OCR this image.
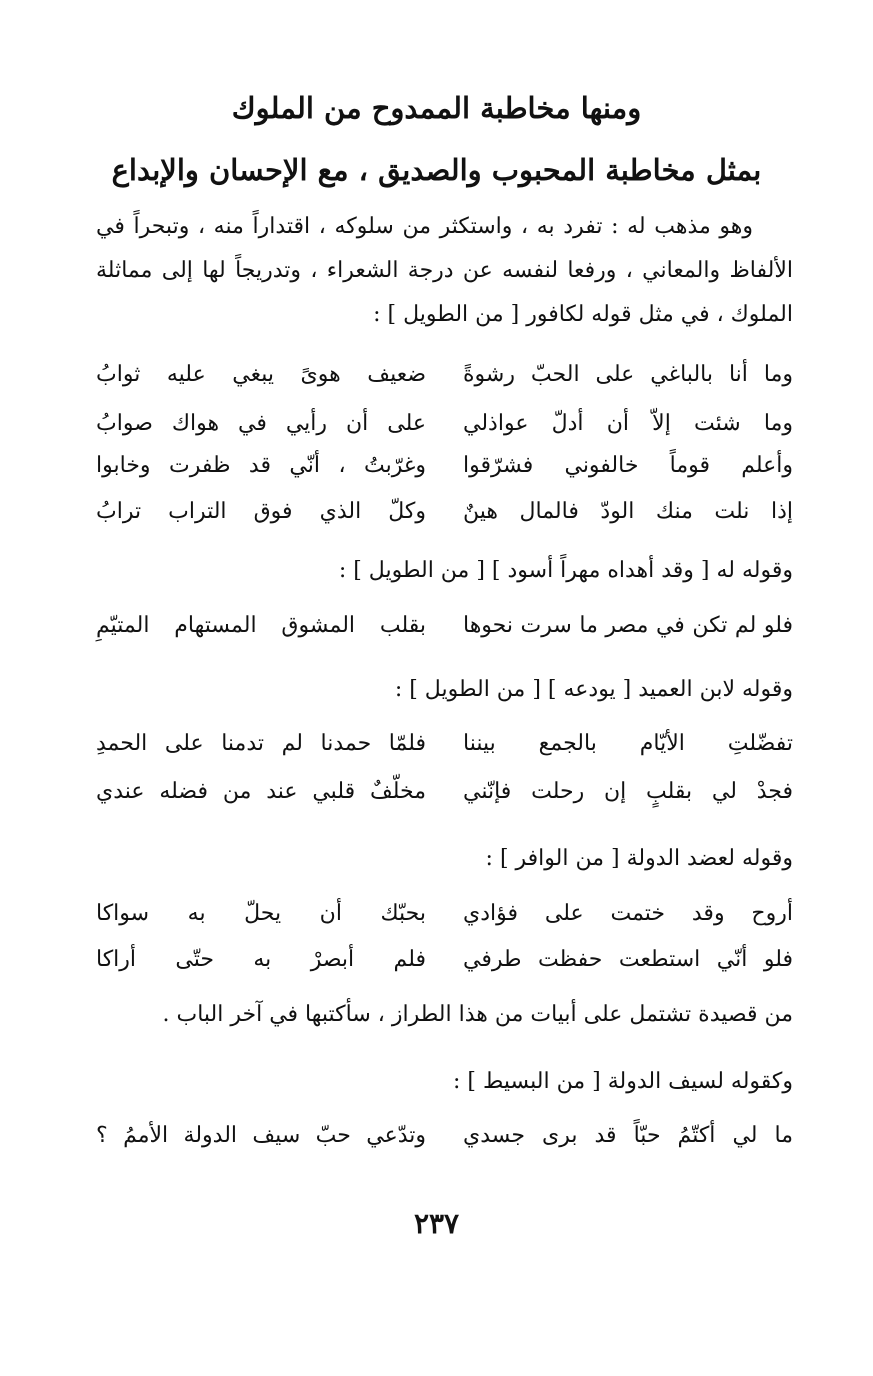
ومنها مخاطبة الممدوح من الملوك
بمثل مخاطبة المحبوب والصديق ، مع الإحسان والإبداع
وهو مذهب له : تفرد به ، واستكثر من سلوكه ، اقتداراً منه ، وتبحراً في الألفاظ والمعاني ، ورفعا لنفسه عن درجة الشعراء ، وتدريجاً لها إلى مماثلة الملوك ، في مثل قوله لكافور [ من الطويل ] :
وما أنا بالباغي على الحبّ رشوةً
ضعيف هوىً يبغي عليه ثوابُ
وما شئت إلاّ أن أدلّ عواذلي
على أن رأيي في هواك صوابُ
وأعلم قوماً خالفوني فشرّقوا
وغرّبتُ ، أنّي قد ظفرت وخابوا
إذا نلت منك الودّ فالمال هينٌ
وكلّ الذي فوق التراب ترابُ
وقوله له [ وقد أهداه مهراً أسود ] [ من الطويل ] :
فلو لم تكن في مصر ما سرت نحوها
بقلب المشوق المستهام المتيّمِ
وقوله لابن العميد [ يودعه ] [ من الطويل ] :
تفضّلتِ الأيّام بالجمع بيننا
فلمّا حمدنا لم تدمنا على الحمدِ
فجدْ لي بقلبٍ إن رحلت فإنّني
مخلّفٌ قلبي عند من فضله عندي
وقوله لعضد الدولة [ من الوافر ] :
أروح وقد ختمت على فؤادي
بحبّك أن يحلّ به سواكا
فلو أنّي استطعت حفظت طرفي
فلم أبصرْ به حتّى أراكا
من قصيدة تشتمل على أبيات من هذا الطراز ، سأكتبها في آخر الباب .
وكقوله لسيف الدولة [ من البسيط ] :
ما لي أكتّمُ حبّاً قد برى جسدي
وتدّعي حبّ سيف الدولة الأممُ ؟
٢٣٧
